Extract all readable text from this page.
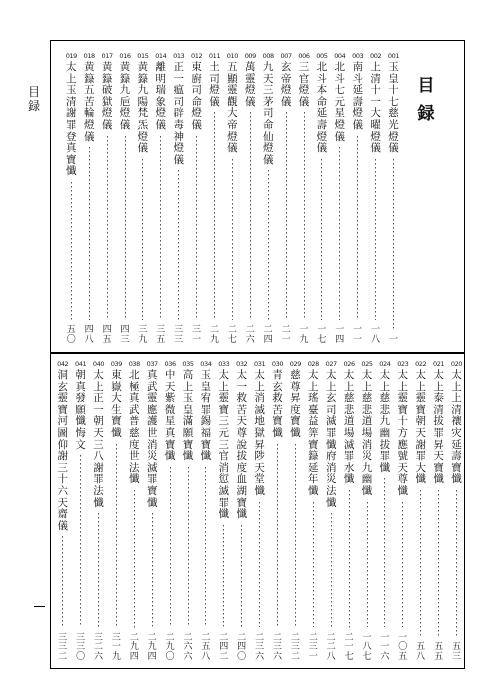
目
録
目
録
001
玉
皇
十
七
慈
光
燈
儀
一
002
上
清
十
一
大
曜
燈
儀
一
八
003
南
斗
延
壽
燈
儀
一
一
004
北
斗
七
元
星
燈
儀
一
四
005
北
斗
本
命
延
壽
燈
儀
一
七
006
三
官
燈
儀
一
九
007
玄
帝
燈
儀
二
一
008
九
天
三
茅
司
命
仙
燈
儀
二
四
009
萬
靈
燈
儀
二
六
010
五
顯
靈
觀
大
帝
燈
儀
二
七
011
土
司
燈
儀
二
九
012
東
廚
司
命
燈
儀
三
一
013
正
一
瘟
司
辟
毒
神
燈
儀
三
三
014
離
明
瑞
象
燈
儀
三
五
015
黄
籙
九
陽
梵
炁
燈
儀
三
九
016
黄
籙
九
巵
燈
儀
四
三
017
黄
籙
破
獄
燈
儀
四
五
018
黄
籙
五
苦
輪
燈
儀
四
八
019
太
上
玉
清
謝
罪
登
真
寶
懺
五
〇
020
太
上
上
清
禳
灾
延
壽
寶
懺
五
三
021
太
上
泰
清
拔
罪
昇
天
寶
懺
五
五
022
太
上
靈
寶
朝
天
謝
罪
大
懺
五
八
023
太
上
靈
寶
十
方
應
號
天
尊
懺
一
〇
五
024
太
上
慈
悲
九
幽
拔
罪
懺
一
一
六
025
太
上
慈
悲
道
場
消
災
九
幽
懺
一
八
七
026
太
上
慈
悲
道
場
滅
罪
水
懺
二
一
七
027
太
上
玄
司
滅
罪
懺
府
消
災
法
懺
二
二
八
028
太
上
瑤
臺
益
筭
寶
籙
延
年
懺
二
三
一
029
慈
尊
昇
度
寶
懺
二
三
二
030
青
玄
救
苦
寶
懺
二
三
六
031
太
上
消
滅
地
獄
昇
陟
天
堂
懺
二
三
六
032
太
一
救
苦
天
尊
說
拔
度
血
湖
寶
懺
二
四
〇
033
太
上
靈
寶
三
元
三
官
消
愆
滅
罪
懺
二
四
二
034
玉
皇
宥
罪
錫
福
寶
懺
二
五
八
035
高
上
玉
皇
滿
願
寶
懺
二
六
六
036
中
天
紫
微
星
真
寶
懺
二
九
〇
037
真
武
靈
應
護
世
消
災
滅
罪
寶
懺
二
九
四
038
北
極
真
武
普
慈
度
世
法
懺
二
九
四
039
東
嶽
大
生
寶
懺
三
一
九
040
太
上
正
一
朝
天
三
八
謝
罪
法
懺
三
二
六
041
朝
真
發
願
懺
悔
文
三
三
〇
042
洞
玄
靈
寶
河
圖
仰
謝
三
十
六
天
齋
儀
三
三
二
